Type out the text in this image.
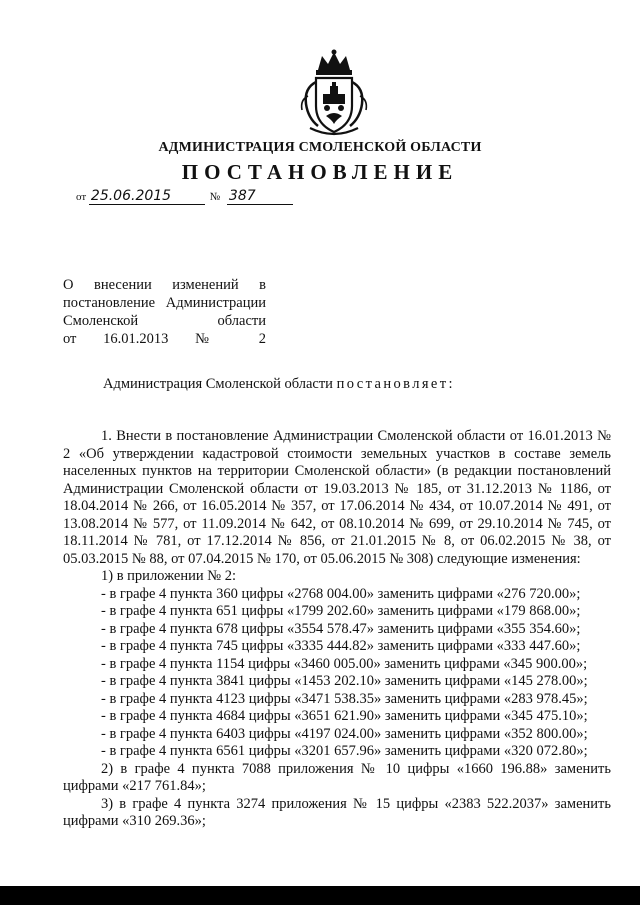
АДМИНИСТРАЦИЯ СМОЛЕНСКОЙ ОБЛАСТИ
ПОСТАНОВЛЕНИЕ
от 25.06.2015	№ 387
О внесении изменений в
постановление Администрации
Смоленской	области
от 16.01.2013 № 2
Администрация Смоленской области постановляет:

1. Внести в постановление Администрации Смоленской области от 16.01.2013 № 2 «Об утверждении кадастровой стоимости земельных участков в составе земель населенных пунктов на территории Смоленской области» (в редакции постановлений Администрации Смоленской области от 19.03.2013 № 185, от 31.12.2013 № 1186, от 18.04.2014 № 266, от 16.05.2014 № 357, от 17.06.2014 № 434, от 10.07.2014 № 491, от 13.08.2014 № 577, от 11.09.2014 № 642, от 08.10.2014 № 699, от 29.10.2014 № 745, от 18.11.2014 № 781, от 17.12.2014 № 856, от 21.01.2015 № 8, от 06.02.2015 № 38, от 05.03.2015 № 88, от 07.04.2015 № 170, от 05.06.2015 № 308) следующие изменения:

1) в приложении № 2:

- в графе 4 пункта 360 цифры «2768 004.00» заменить цифрами «276 720.00»;

- в графе 4 пункта 651 цифры «1799 202.60» заменить цифрами «179 868.00»;

- в графе 4 пункта 678 цифры «3554 578.47» заменить цифрами «355 354.60»;

- в графе 4 пункта 745 цифры «3335 444.82» заменить цифрами «333 447.60»;

- в графе 4 пункта 1154 цифры «3460 005.00» заменить цифрами «345 900.00»;

- в графе 4 пункта 3841 цифры «1453 202.10» заменить цифрами «145 278.00»;

- в графе 4 пункта 4123 цифры «3471 538.35» заменить цифрами «283 978.45»;

- в графе 4 пункта 4684 цифры «3651 621.90» заменить цифрами «345 475.10»;

- в графе 4 пункта 6403 цифры «4197 024.00» заменить цифрами «352 800.00»;

- в графе 4 пункта 6561 цифры «3201 657.96» заменить цифрами «320 072.80»;

2) в графе 4 пункта 7088 приложения № 10 цифры «1660 196.88» заменить цифрами «217 761.84»;

3) в графе 4 пункта 3274 приложения № 15 цифры «2383 522.2037» заменить цифрами «310 269.36»;
